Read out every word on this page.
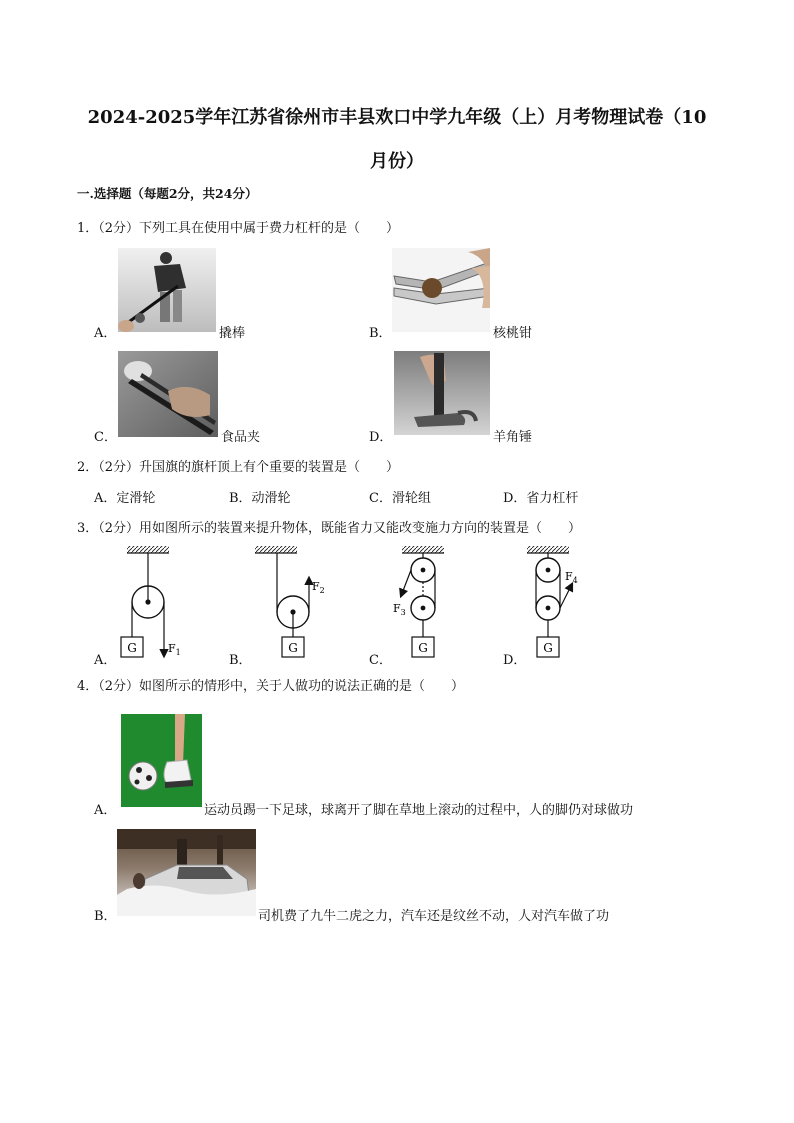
2024-2025学年江苏省徐州市丰县欢口中学九年级（上）月考物理试卷（10
月份）
一.选择题（每题2分，共24分）
1．（2分）下列工具在使用中属于费力杠杆的是（　　）
A．	撬棒	B．	核桃钳
C．	食品夹	D．	羊角锤
2．（2分）升国旗的旗杆顶上有个重要的装置是（　　）
A．定滑轮	B．动滑轮	C．滑轮组	D．省力杠杆
3．（2分）用如图所示的装置来提升物体，既能省力又能改变施力方向的装置是（　　）
A．	B．	C．	D．
G	$F_1$	G
$F_2$
G
$F_3$
G
$F_4$
4．（2分）如图所示的情形中，关于人做功的说法正确的是（　　）
A．	运动员踢一下足球，球离开了脚在草地上滚动的过程中，人的脚仍对球做功
B．	司机费了九牛二虎之力，汽车还是纹丝不动，人对汽车做了功
